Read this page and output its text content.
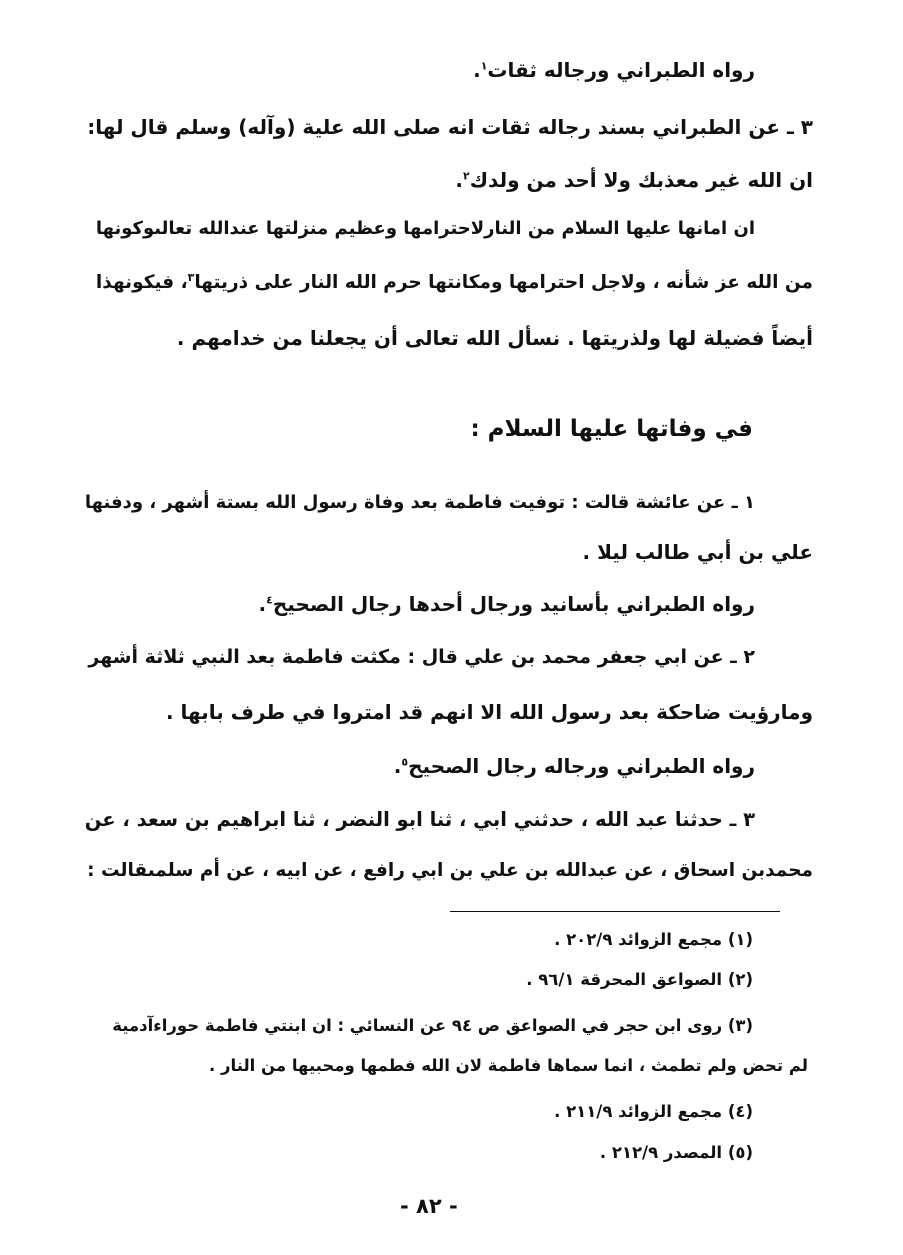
رواه الطبراني ورجاله ثقات$^١$.
٣ ـ عن الطبراني بسند رجاله ثقات انه صلى الله علية (وآله) وسلم قال لها:
ان الله غير معذبك ولا أحد من ولدك$^٢$.
ان امانها عليها السلام من النارلاحترامها وعظيم منزلتها عندالله تعالىوكونها
من الله عز شأنه ، ولاجل احترامها ومكانتها حرم الله النار على ذريتها$^٣$، فيكونهذا
أيضاً فضيلة لها ولذريتها . نسأل الله تعالى أن يجعلنا من خدامهم .
في وفاتها عليها السلام :
١ ـ عن عائشة قالت : توفيت فاطمة بعد وفاة رسول الله بستة أشهر ، ودفنها
علي بن أبي طالب ليلا .
رواه الطبراني بأسانيد ورجال أحدها رجال الصحيح$^٤$.
٢ ـ عن ابي جعفر محمد بن علي قال : مكثت فاطمة بعد النبي ثلاثة أشهر
ومارؤيت ضاحكة بعد رسول الله الا انهم قد امتروا في طرف بابها .
رواه الطبراني ورجاله رجال الصحيح$^٥$.
٣ ـ حدثنا عبد الله ، حدثني ابي ، ثنا ابو النضر ، ثنا ابراهيم بن سعد ، عن
محمدبن اسحاق ، عن عبدالله بن علي بن ابي رافع ، عن ابيه ، عن أم سلمىقالت :
(١) مجمع الزوائد ٢٠٢/٩ .
(٢) الصواعق المحرقة ٩٦/١ .
(٣) روى ابن حجر في الصواعق ص ٩٤ عن النسائي : ان ابنتي فاطمة حوراءآدمية
لم تحض ولم تطمث ، انما سماها فاطمة لان الله فطمها ومحبيها من النار .
(٤) مجمع الزوائد ٢١١/٩ .
(٥) المصدر ٢١٢/٩ .
- ٨٢ -
